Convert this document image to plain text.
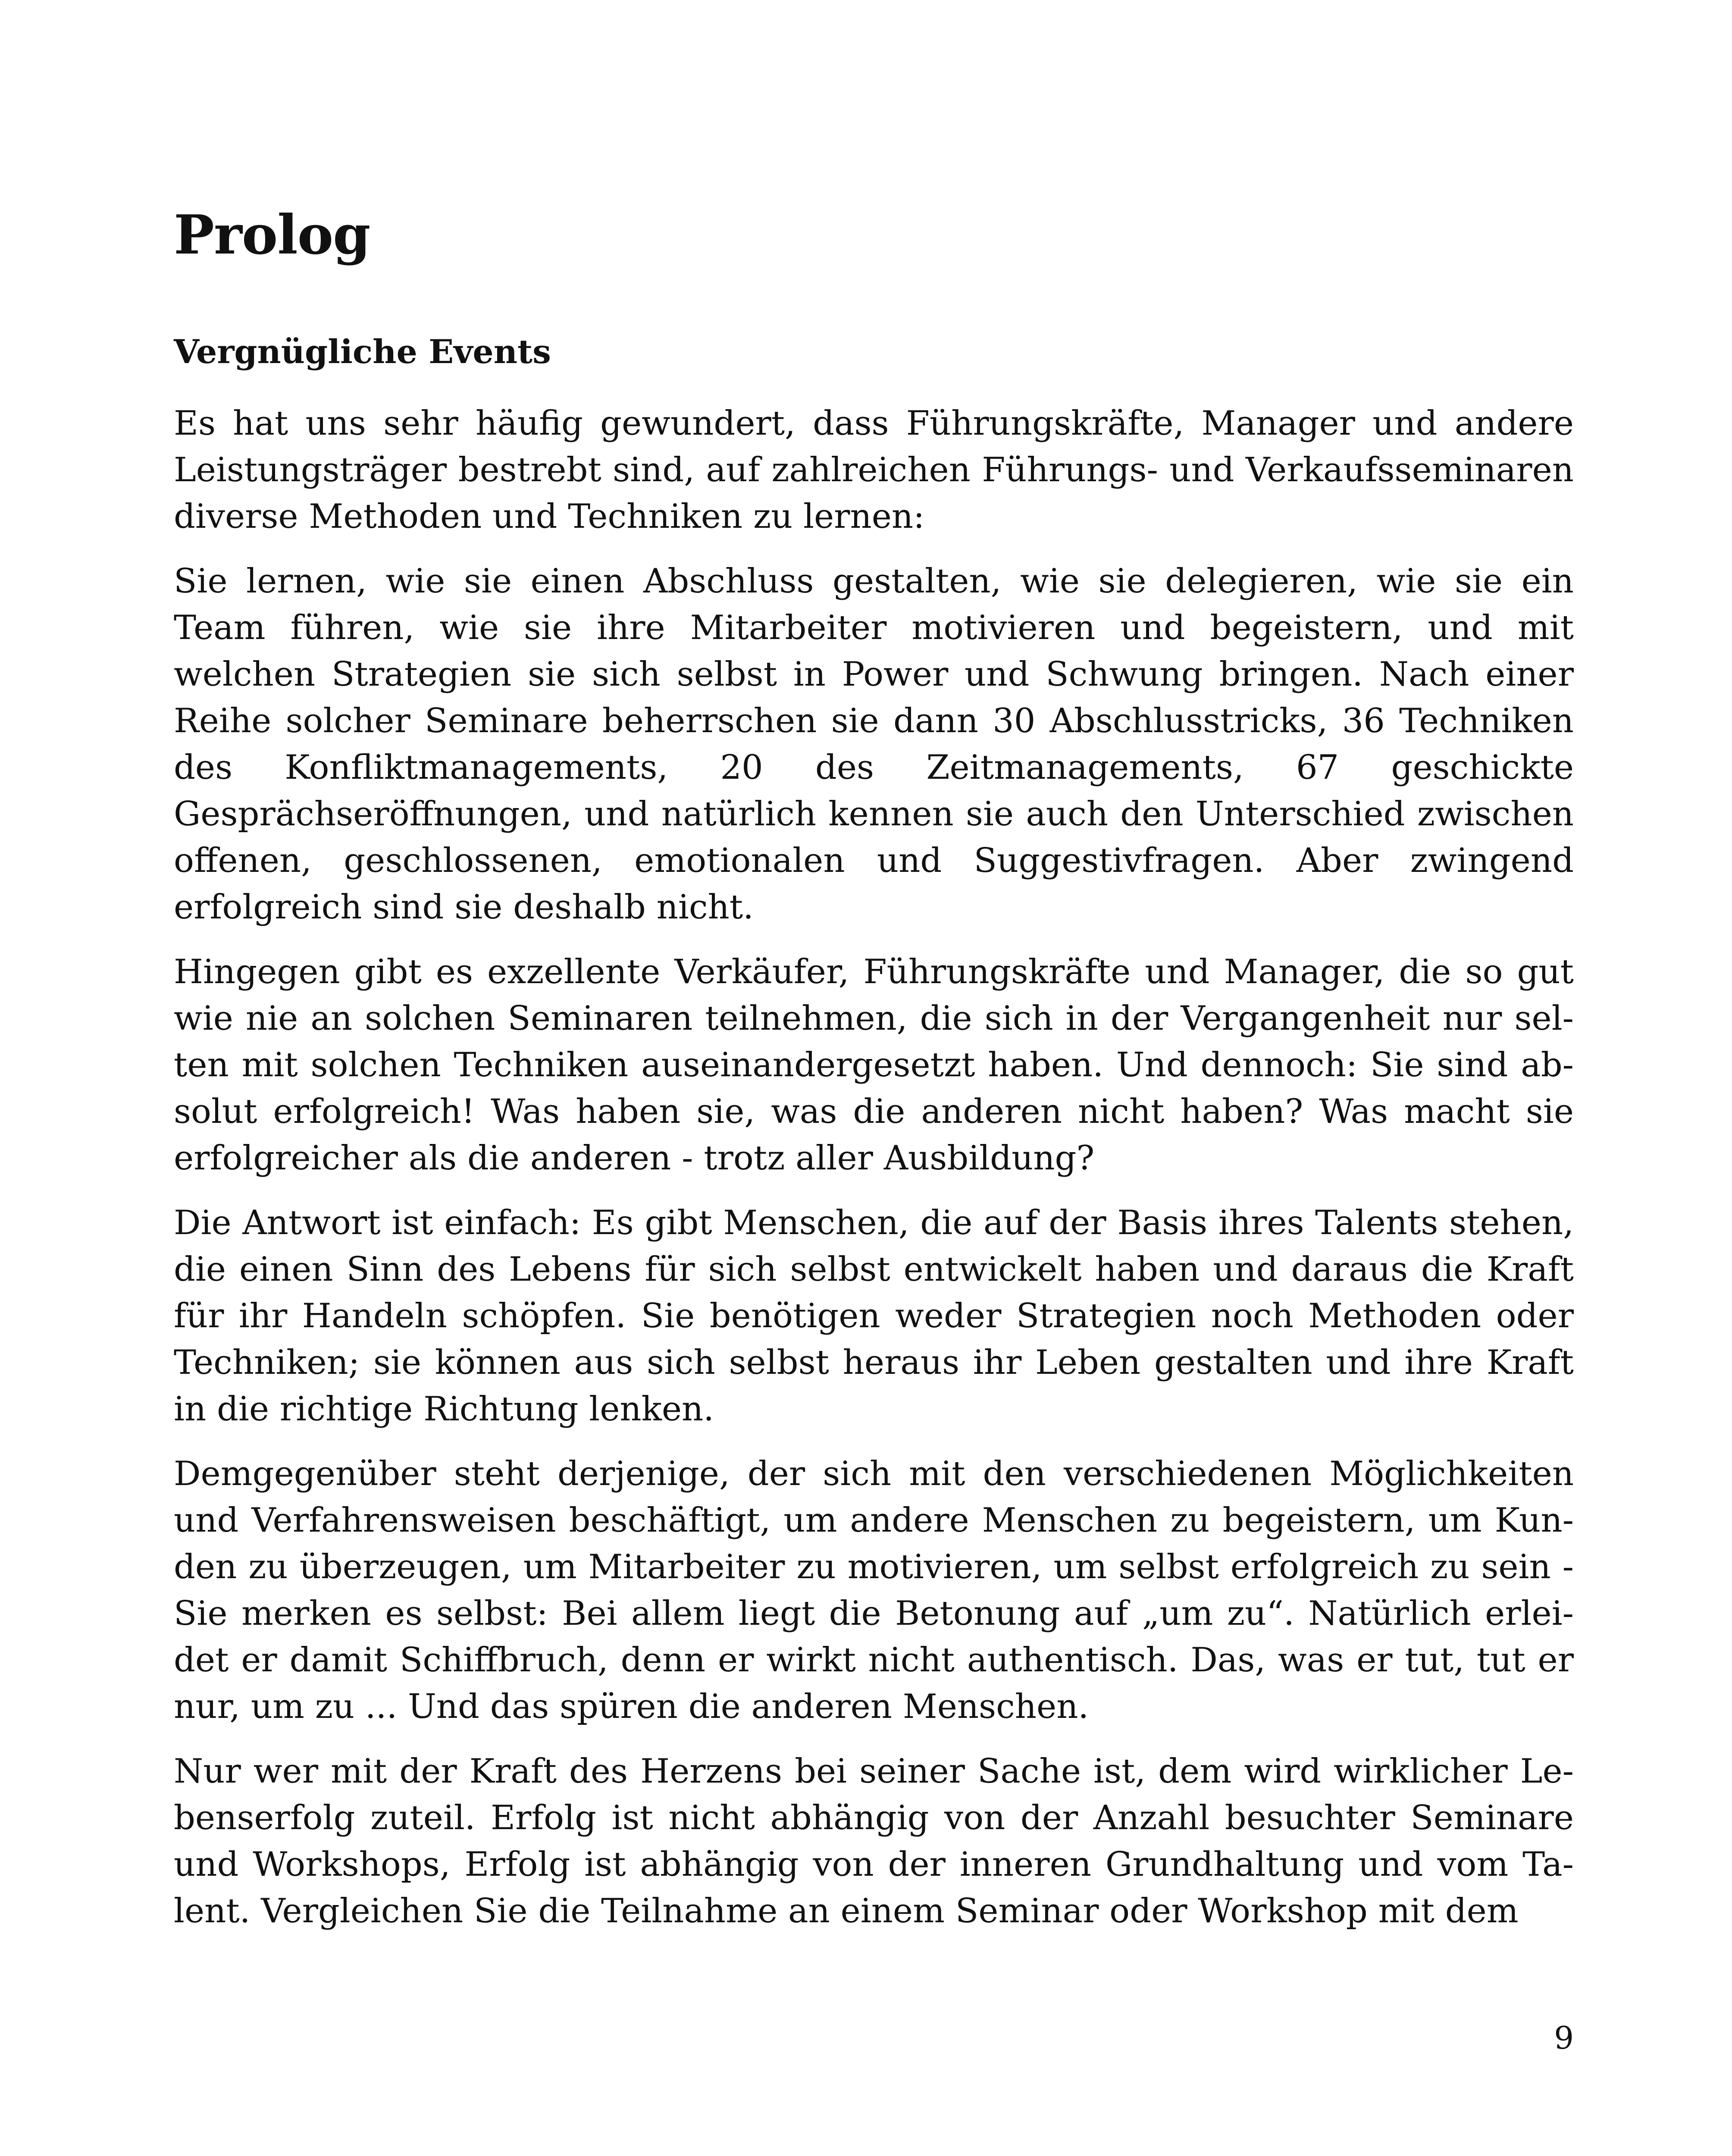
Prolog
Vergnügliche Events

Es hat uns sehr häufig gewundert, dass Führungskräfte, Manager und andere Leistungsträger bestrebt sind, auf zahlreichen Führungs- und Verkaufsseminaren diverse Methoden und Techniken zu lernen:

Sie lernen, wie sie einen Abschluss gestalten, wie sie delegieren, wie sie ein Team führen, wie sie ihre Mitarbeiter motivieren und begeistern, und mit welchen Strategien sie sich selbst in Power und Schwung bringen. Nach einer Reihe solcher Seminare beherrschen sie dann 30 Abschlusstricks, 36 Techniken des Konfliktmanagements, 20 des Zeitmanagements, 67 geschickte Gesprächseröffnungen, und natürlich kennen sie auch den Unterschied zwischen offenen, geschlossenen, emotionalen und Suggestivfragen. Aber zwingend erfolgreich sind sie deshalb nicht.

Hingegen gibt es exzellente Verkäufer, Führungskräfte und Manager, die so gut wie nie an solchen Seminaren teilnehmen, die sich in der Vergangenheit nur selten mit solchen Techniken auseinandergesetzt haben. Und dennoch: Sie sind absolut erfolgreich! Was haben sie, was die anderen nicht haben? Was macht sie erfolgreicher als die anderen - trotz aller Ausbildung?

Die Antwort ist einfach: Es gibt Menschen, die auf der Basis ihres Talents stehen, die einen Sinn des Lebens für sich selbst entwickelt haben und daraus die Kraft für ihr Handeln schöpfen. Sie benötigen weder Strategien noch Methoden oder Techniken; sie können aus sich selbst heraus ihr Leben gestalten und ihre Kraft in die richtige Richtung lenken.

Demgegenüber steht derjenige, der sich mit den verschiedenen Möglichkeiten und Verfahrensweisen beschäftigt, um andere Menschen zu begeistern, um Kunden zu überzeugen, um Mitarbeiter zu motivieren, um selbst erfolgreich zu sein - Sie merken es selbst: Bei allem liegt die Betonung auf „um zu“. Natürlich erleidet er damit Schiffbruch, denn er wirkt nicht authentisch. Das, was er tut, tut er nur, um zu ... Und das spüren die anderen Menschen.

Nur wer mit der Kraft des Herzens bei seiner Sache ist, dem wird wirklicher Lebenserfolg zuteil. Erfolg ist nicht abhängig von der Anzahl besuchter Seminare und Workshops, Erfolg ist abhängig von der inneren Grundhaltung und vom Talent. Vergleichen Sie die Teilnahme an einem Seminar oder Workshop mit dem

9
